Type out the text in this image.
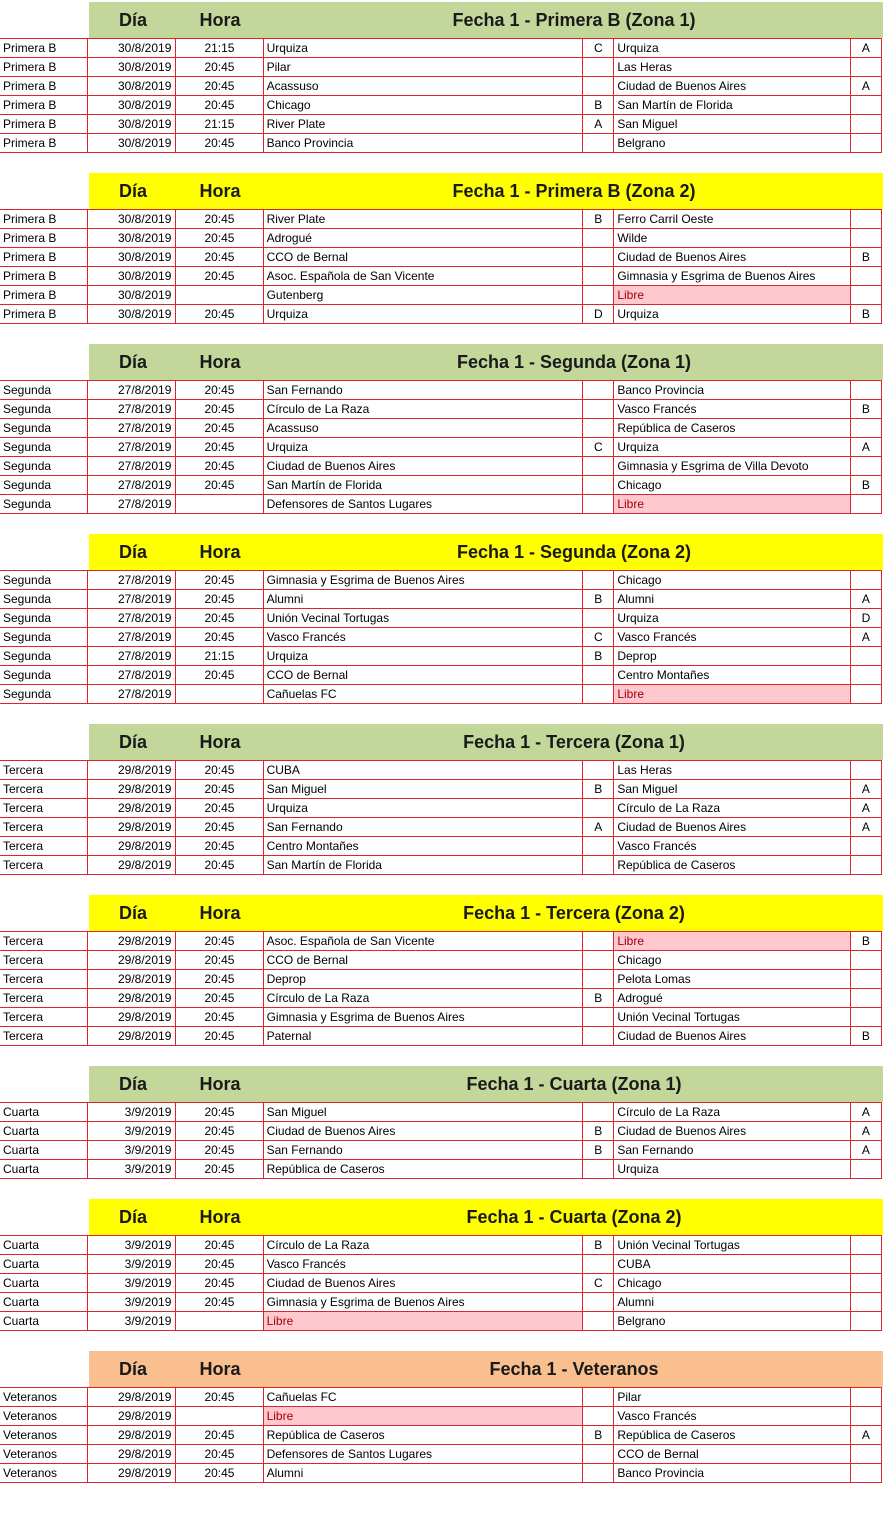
Día	Hora	Fecha 1 - Primera B (Zona 1)
Primera B	30/8/2019	21:15	Urquiza	C	Urquiza	A
Primera B	30/8/2019	20:45	Pilar		Las Heras	
Primera B	30/8/2019	20:45	Acassuso		Ciudad de Buenos Aires	A
Primera B	30/8/2019	20:45	Chicago	B	San Martín de Florida	
Primera B	30/8/2019	21:15	River Plate	A	San Miguel	
Primera B	30/8/2019	20:45	Banco Provincia		Belgrano	
Día	Hora	Fecha 1 - Primera B (Zona 2)
Primera B	30/8/2019	20:45	River Plate	B	Ferro Carril Oeste	
Primera B	30/8/2019	20:45	Adrogué		Wilde	
Primera B	30/8/2019	20:45	CCO de Bernal		Ciudad de Buenos Aires	B
Primera B	30/8/2019	20:45	Asoc. Española de San Vicente		Gimnasia y Esgrima de Buenos Aires	
Primera B	30/8/2019		Gutenberg		Libre	
Primera B	30/8/2019	20:45	Urquiza	D	Urquiza	B
Día	Hora	Fecha 1 - Segunda (Zona 1)
Segunda	27/8/2019	20:45	San Fernando		Banco Provincia	
Segunda	27/8/2019	20:45	Círculo de La Raza		Vasco Francés	B
Segunda	27/8/2019	20:45	Acassuso		República de Caseros	
Segunda	27/8/2019	20:45	Urquiza	C	Urquiza	A
Segunda	27/8/2019	20:45	Ciudad de Buenos Aires		Gimnasia y Esgrima de Villa Devoto	
Segunda	27/8/2019	20:45	San Martín de Florida		Chicago	B
Segunda	27/8/2019		Defensores de Santos Lugares		Libre	
Día	Hora	Fecha 1 - Segunda (Zona 2)
Segunda	27/8/2019	20:45	Gimnasia y Esgrima de Buenos Aires		Chicago	
Segunda	27/8/2019	20:45	Alumni	B	Alumni	A
Segunda	27/8/2019	20:45	Unión Vecinal Tortugas		Urquiza	D
Segunda	27/8/2019	20:45	Vasco Francés	C	Vasco Francés	A
Segunda	27/8/2019	21:15	Urquiza	B	Deprop	
Segunda	27/8/2019	20:45	CCO de Bernal		Centro Montañes	
Segunda	27/8/2019		Cañuelas FC		Libre	
Día	Hora	Fecha 1 - Tercera (Zona 1)
Tercera	29/8/2019	20:45	CUBA		Las Heras	
Tercera	29/8/2019	20:45	San Miguel	B	San Miguel	A
Tercera	29/8/2019	20:45	Urquiza		Círculo de La Raza	A
Tercera	29/8/2019	20:45	San Fernando	A	Ciudad de Buenos Aires	A
Tercera	29/8/2019	20:45	Centro Montañes		Vasco Francés	
Tercera	29/8/2019	20:45	San Martín de Florida		República de Caseros	
Día	Hora	Fecha 1 - Tercera (Zona 2)
Tercera	29/8/2019	20:45	Asoc. Española de San Vicente		Libre	B
Tercera	29/8/2019	20:45	CCO de Bernal		Chicago	
Tercera	29/8/2019	20:45	Deprop		Pelota Lomas	
Tercera	29/8/2019	20:45	Círculo de La Raza	B	Adrogué	
Tercera	29/8/2019	20:45	Gimnasia y Esgrima de Buenos Aires		Unión Vecinal Tortugas	
Tercera	29/8/2019	20:45	Paternal		Ciudad de Buenos Aires	B
Día	Hora	Fecha 1 - Cuarta (Zona 1)
Cuarta	3/9/2019	20:45	San Miguel		Círculo de La Raza	A
Cuarta	3/9/2019	20:45	Ciudad de Buenos Aires	B	Ciudad de Buenos Aires	A
Cuarta	3/9/2019	20:45	San Fernando	B	San Fernando	A
Cuarta	3/9/2019	20:45	República de Caseros		Urquiza	
Día	Hora	Fecha 1 - Cuarta (Zona 2)
Cuarta	3/9/2019	20:45	Círculo de La Raza	B	Unión Vecinal Tortugas	
Cuarta	3/9/2019	20:45	Vasco Francés		CUBA	
Cuarta	3/9/2019	20:45	Ciudad de Buenos Aires	C	Chicago	
Cuarta	3/9/2019	20:45	Gimnasia y Esgrima de Buenos Aires		Alumni	
Cuarta	3/9/2019		Libre		Belgrano	
Día	Hora	Fecha 1 - Veteranos
Veteranos	29/8/2019	20:45	Cañuelas FC		Pilar	
Veteranos	29/8/2019		Libre		Vasco Francés	
Veteranos	29/8/2019	20:45	República de Caseros	B	República de Caseros	A
Veteranos	29/8/2019	20:45	Defensores de Santos Lugares		CCO de Bernal	
Veteranos	29/8/2019	20:45	Alumni		Banco Provincia	
